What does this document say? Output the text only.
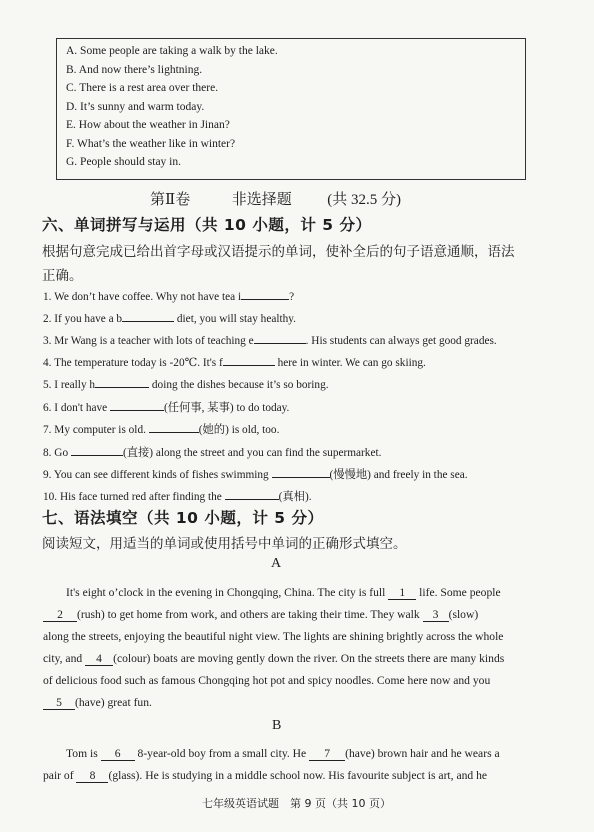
A. Some people are taking a walk by the lake.
B. And now there’s lightning.
C. There is a rest area over there.
D. It’s sunny and warm today.
E. How about the weather in Jinan?
F. What’s the weather like in winter?
G. People should stay in.
第Ⅱ卷	非选择题 (共 32.5 分)
六、单词拼写与运用（共 10 小题，计 5 分）
根据句意完成已给出首字母或汉语提示的单词，使补全后的句子语意通顺，语法
正确。
1. We don’t have coffee. Why not have tea i	?
2. If you have a b	diet, you will stay healthy.
3. Mr Wang is a teacher with lots of teaching e	. His students can always get good grades.
4. The temperature today is -20℃. It's f	here in winter. We can go skiing.
5. I really h	doing the dishes because it’s so boring.
6. I don't have	(任何事, 某事) to do today.
7. My computer is old.	(她的) is old, too.
8. Go	(直接) along the street and you can find the supermarket.
9. You can see different kinds of fishes swimming	(慢慢地) and freely in the sea.
10. His face turned red after finding the	(真相).
七、语法填空（共 10 小题，计 5 分）
阅读短文，用适当的单词或使用括号中单词的正确形式填空。
A
It's eight o’clock in the evening in Chongqing, China. The city is full 1 life. Some people
2 (rush) to get home from work, and others are taking their time. They walk 3 (slow)
along the streets, enjoying the beautiful night view. The lights are shining brightly across the whole
city, and 4 (colour) boats are moving gently down the river. On the streets there are many kinds
of delicious food such as famous Chongqing hot pot and spicy noodles. Come here now and you
5 (have) great fun.
B
Tom is 6 8-year-old boy from a small city. He 7 (have) brown hair and he wears a
pair of 8 (glass). He is studying in a middle school now. His favourite subject is art, and he
七年级英语试题　第 9 页（共 10 页）
